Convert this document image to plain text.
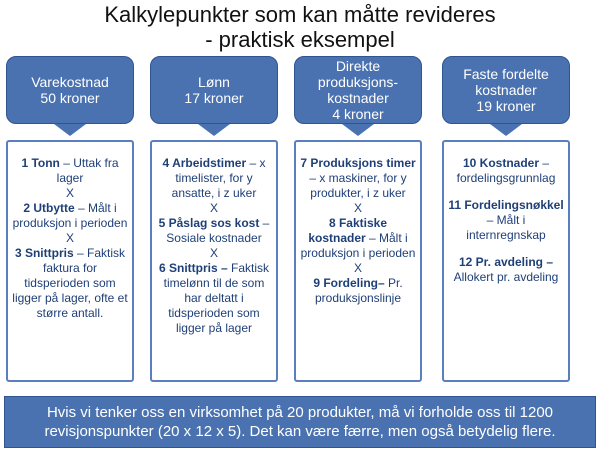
Kalkylepunkter som kan måtte revideres
- praktisk eksempel
Varekostnad
50 kroner
Lønn
17 kroner
Direkte
produksjons-
kostnader
4 kroner
Faste fordelte
kostnader
19 kroner
1 Tonn – Uttak fra lager
X
2 Utbytte – Målt i produksjon i perioden
X
3 Snittpris – Faktisk faktura for tidsperioden som ligger på lager, ofte et større antall.
4 Arbeidstimer – x timelister, for y ansatte, i z uker
X
5 Påslag sos kost – Sosiale kostnader
X
6 Snittpris – Faktisk timelønn til de som har deltatt i tidsperioden som ligger på lager
7 Produksjons timer – x maskiner, for y produkter, i z uker
X
8 Faktiske kostnader – Målt i produksjon i perioden
X
9 Fordeling– Pr. produksjonslinje
10 Kostnader – fordelingsgrunnlag
11 Fordelingsnøkkel – Målt i internregnskap
12 Pr. avdeling – Allokert pr. avdeling
Hvis vi tenker oss en virksomhet på 20 produkter, må vi forholde oss til 1200 revisjonspunkter (20 x 12 x 5). Det kan være færre, men også betydelig flere.
